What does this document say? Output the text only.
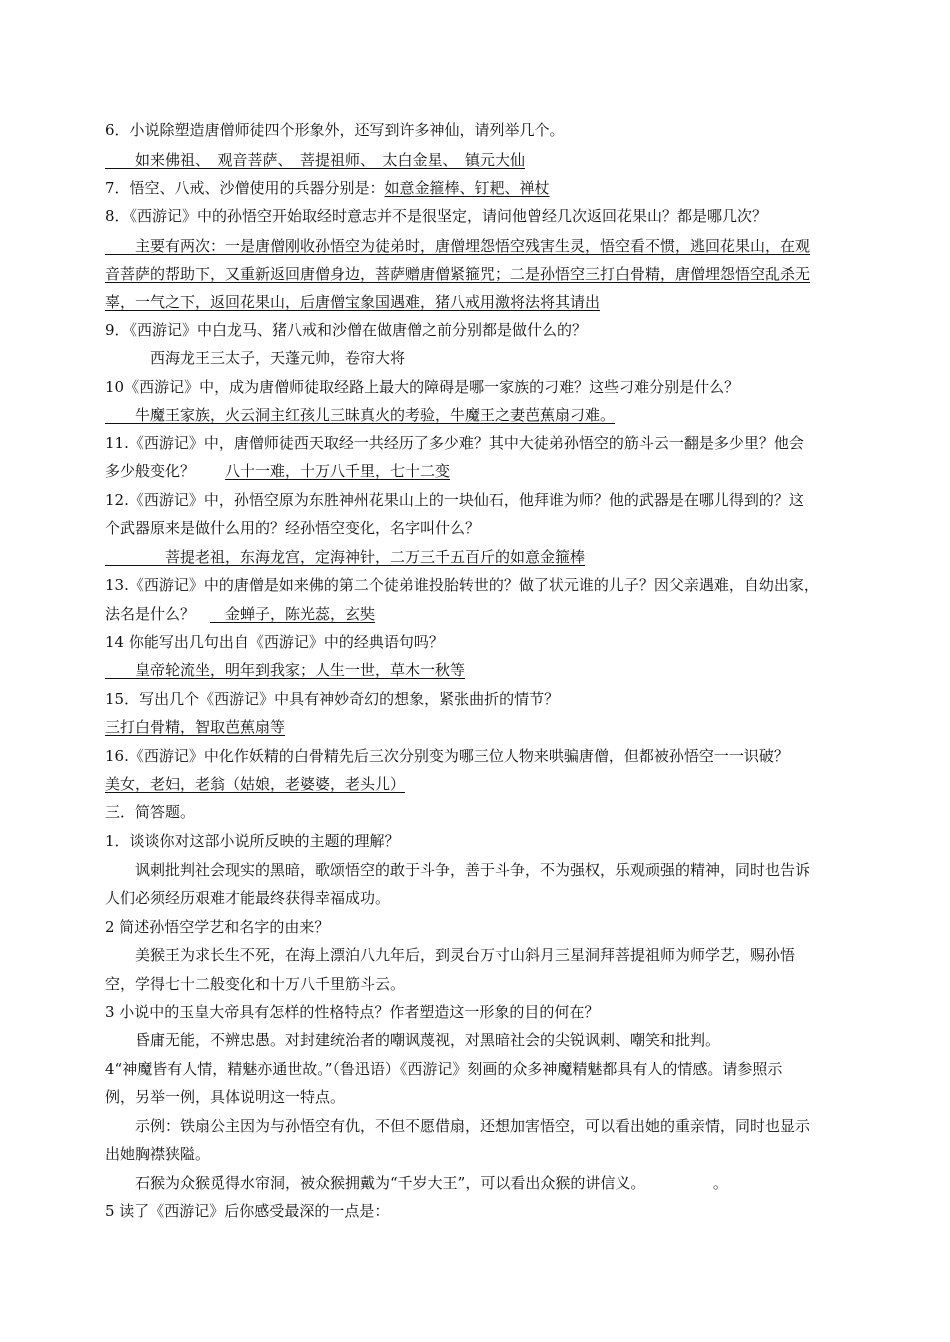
6．小说除塑造唐僧师徒四个形象外，还写到许多神仙，请列举几个。
　　如来佛祖、　观音菩萨、　菩提祖师、　太白金星、　镇元大仙
7．悟空、八戒、沙僧使用的兵器分别是：如意金箍棒、钉耙、禅杖
8．《西游记》中的孙悟空开始取经时意志并不是很坚定，请问他曾经几次返回花果山？都是哪几次？
　　主要有两次：一是唐僧刚收孙悟空为徒弟时，唐僧埋怨悟空残害生灵，悟空看不惯，逃回花果山，在观
音菩萨的帮助下，又重新返回唐僧身边，菩萨赠唐僧紧箍咒；二是孙悟空三打白骨精，唐僧埋怨悟空乱杀无
辜，一气之下，返回花果山，后唐僧宝象国遇难，猪八戒用激将法将其请出
9．《西游记》中白龙马、猪八戒和沙僧在做唐僧之前分别都是做什么的？
　　　西海龙王三太子，天蓬元帅，卷帘大将
10《西游记》中，成为唐僧师徒取经路上最大的障碍是哪一家族的刁难？这些刁难分别是什么？
　　牛魔王家族，火云洞主红孩儿三昧真火的考验，牛魔王之妻芭蕉扇刁难。
11.《西游记》中，唐僧师徒西天取经一共经历了多少难？其中大徒弟孙悟空的筋斗云一翻是多少里？他会
多少般变化？　　八十一难，十万八千里，七十二变
12.《西游记》中，孙悟空原为东胜神州花果山上的一块仙石，他拜谁为师？他的武器是在哪儿得到的？这
个武器原来是做什么用的？经孙悟空变化，名字叫什么？
　　　　菩提老祖，东海龙宫，定海神针，二万三千五百斤的如意金箍棒
13.《西游记》中的唐僧是如来佛的第二个徒弟谁投胎转世的？做了状元谁的儿子？因父亲遇难，自幼出家，
法名是什么？　　金蝉子，陈光蕊，玄奘
14 你能写出几句出自《西游记》中的经典语句吗？
　　皇帝轮流坐，明年到我家；人生一世，草木一秋等
15．写出几个《西游记》中具有神妙奇幻的想象，紧张曲折的情节？
三打白骨精，智取芭蕉扇等
16.《西游记》中化作妖精的白骨精先后三次分别变为哪三位人物来哄骗唐僧，但都被孙悟空一一识破？
美女，老妇，老翁（姑娘，老婆婆，老头儿）
三．简答题。
1．谈谈你对这部小说所反映的主题的理解？
　　讽刺批判社会现实的黑暗，歌颂悟空的敢于斗争，善于斗争，不为强权，乐观顽强的精神，同时也告诉
人们必须经历艰难才能最终获得幸福成功。
2 简述孙悟空学艺和名字的由来？
　　美猴王为求长生不死，在海上漂泊八九年后，到灵台万寸山斜月三星洞拜菩提祖师为师学艺，赐孙悟
空，学得七十二般变化和十万八千里筋斗云。
3 小说中的玉皇大帝具有怎样的性格特点？作者塑造这一形象的目的何在？
　　昏庸无能，不辨忠愚。对封建统治者的嘲讽蔑视，对黑暗社会的尖锐讽刺、嘲笑和批判。
4“神魔皆有人情，精魅亦通世故。”（鲁迅语）《西游记》刻画的众多神魔精魅都具有人的情感。请参照示
例，另举一例，具体说明这一特点。
　　示例：铁扇公主因为与孙悟空有仇，不但不愿借扇，还想加害悟空，可以看出她的重亲情，同时也显示
出她胸襟狭隘。
　　石猴为众猴觅得水帘洞，被众猴拥戴为“千岁大王”，可以看出众猴的讲信义。　　　　　。
5 读了《西游记》后你感受最深的一点是：
